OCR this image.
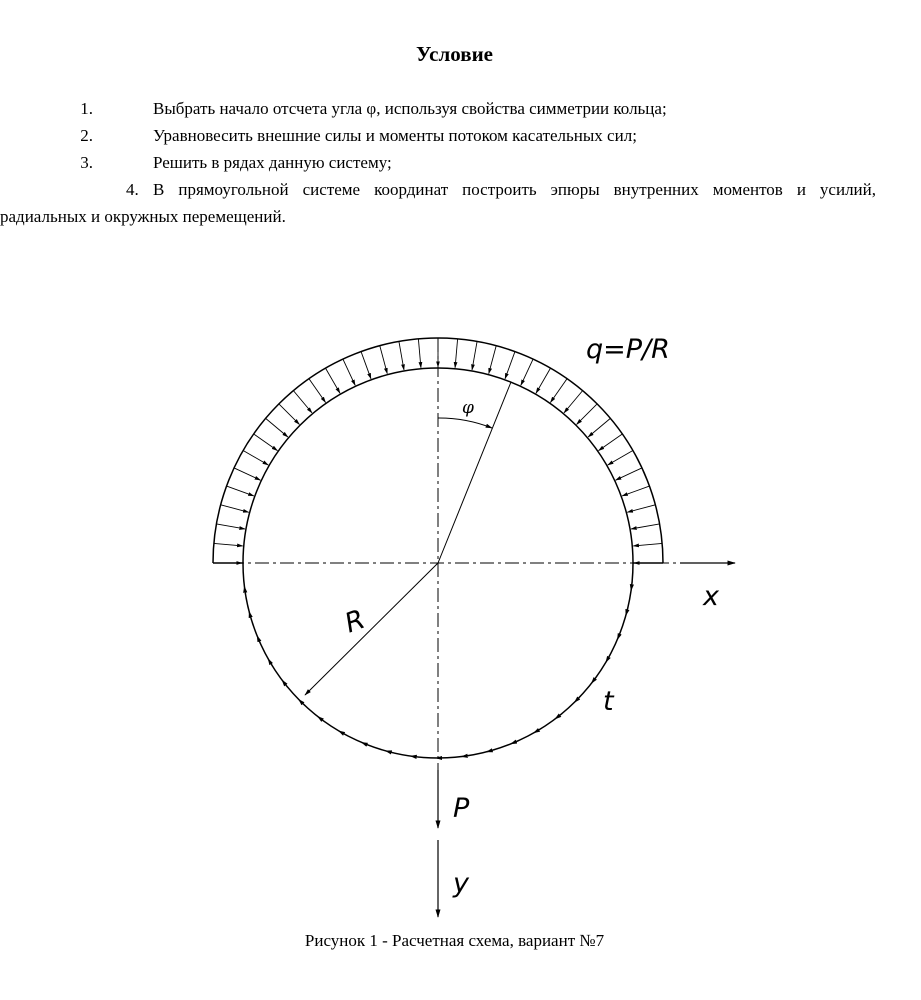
Условие
1.	Выбрать начало отсчета угла φ, используя свойства симметрии кольца;
2.	Уравновесить внешние силы и моменты потоком касательных сил;
3.	Решить в рядах данную систему;
4. В прямоугольной системе координат построить эпюры внутренних моментов и усилий, радиальных и окружных перемещений.
q=P/R
φ
R
x
t
P
y
Рисунок 1 - Расчетная схема, вариант №7
